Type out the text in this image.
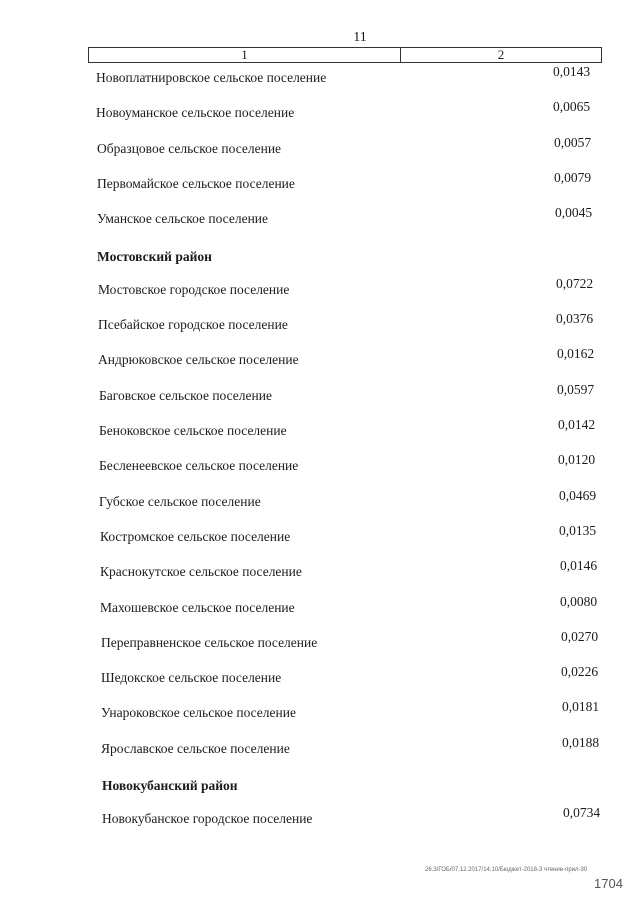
11
1	2
Новоплатнировское сельское поселение	0,0143
Новоуманское сельское поселение	0,0065
Образцовое сельское поселение	0,0057
Первомайское сельское поселение	0,0079
Уманское сельское поселение	0,0045
Мостовский район
Мостовское городское поселение	0,0722
Псебайское городское поселение	0,0376
Андрюковское сельское поселение	0,0162
Баговское сельское поселение	0,0597
Беноковское сельское поселение	0,0142
Бесленеевское сельское поселение	0,0120
Губское сельское поселение	0,0469
Костромское сельское поселение	0,0135
Краснокутское сельское поселение	0,0146
Махошевское сельское поселение	0,0080
Переправненское сельское поселение	0,0270
Шедокское сельское поселение	0,0226
Унароковское сельское поселение	0,0181
Ярославское сельское поселение	0,0188
Новокубанский район
Новокубанское городское поселение	0,0734
26.3/ГОБ/07.12.2017/14:10/Бюджет-2018-3 чтение-прил-30
1704
